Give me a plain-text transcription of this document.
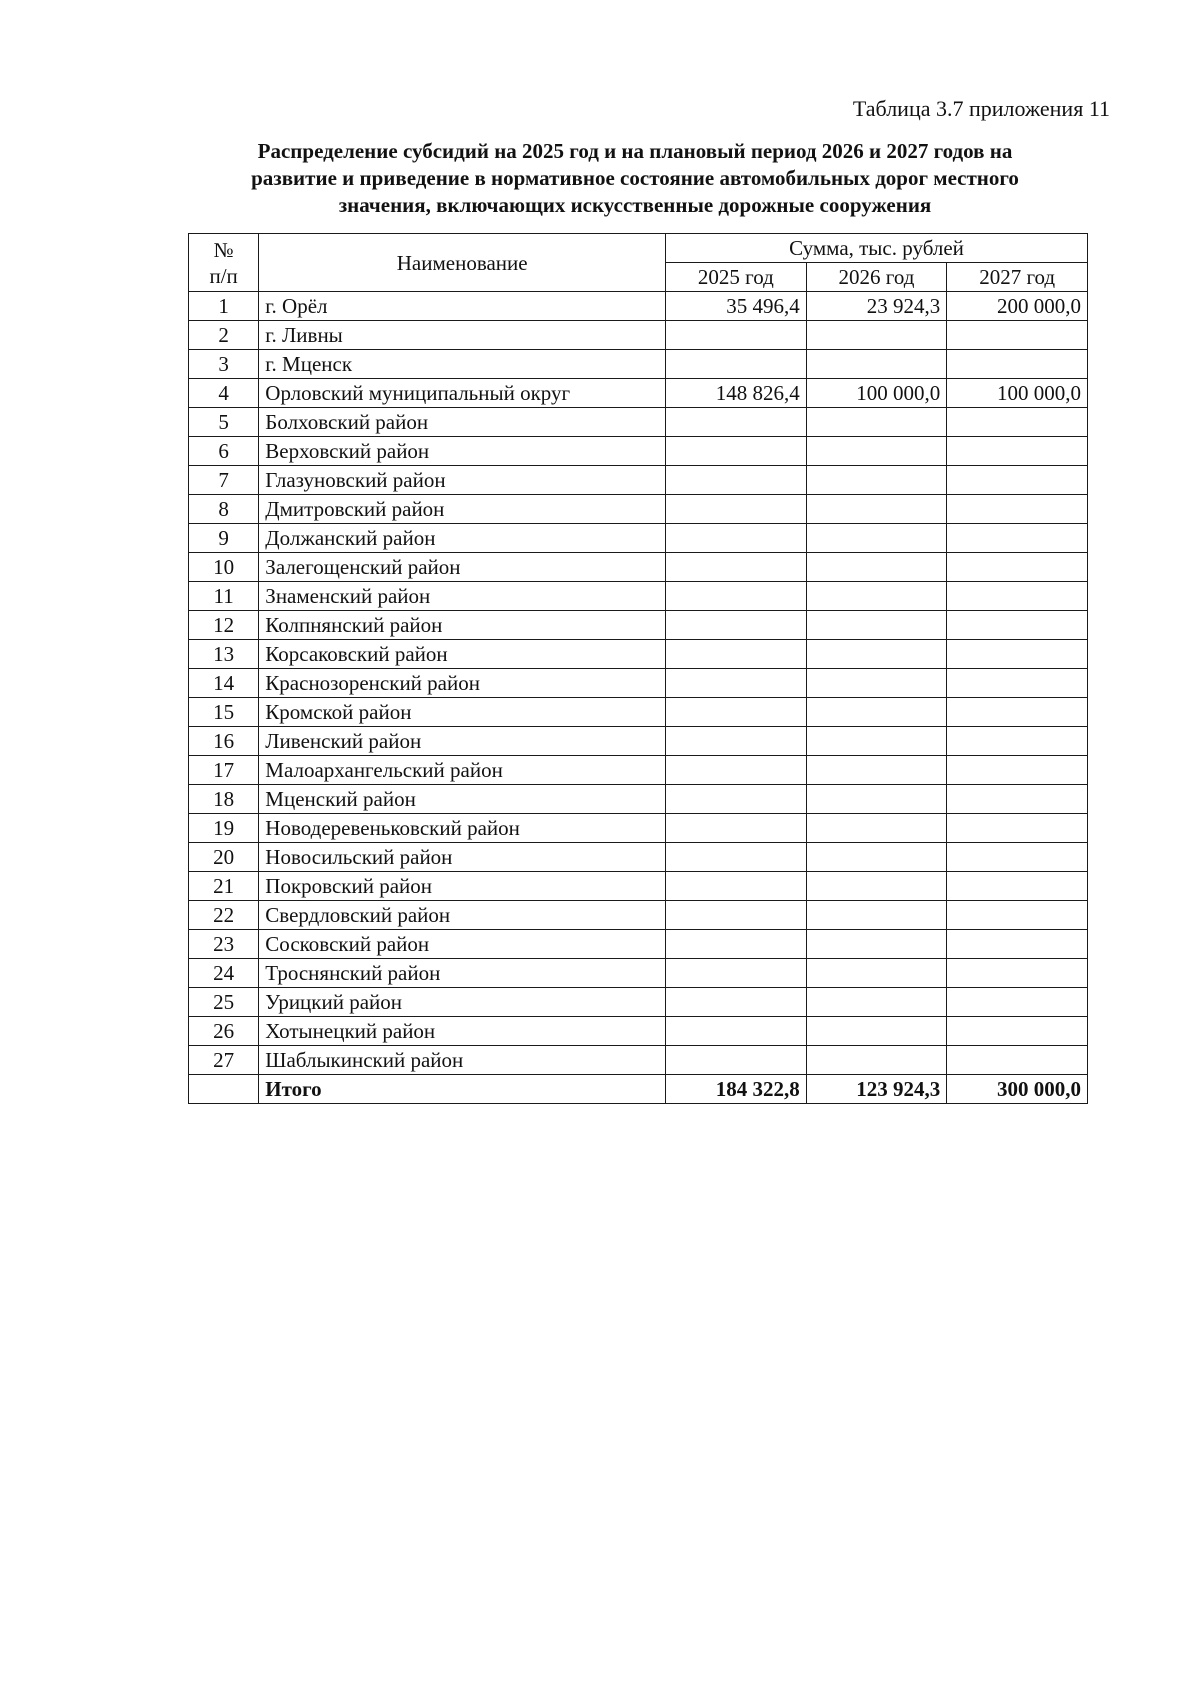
Таблица 3.7 приложения 11
Распределение субсидий на 2025 год и на плановый период 2026 и 2027 годов на
развитие и приведение в нормативное состояние автомобильных дорог местного
значения, включающих искусственные дорожные сооружения
№
п/п	Наименование	Сумма, тыс. рублей		
		2025 год	2026 год	2027 год
1	г. Орёл	35 496,4	23 924,3	200 000,0
2	г. Ливны			
3	г. Мценск			
4	Орловский муниципальный округ	148 826,4	100 000,0	100 000,0
5	Болховский район			
6	Верховский район			
7	Глазуновский район			
8	Дмитровский район			
9	Должанский район			
10	Залегощенский район			
11	Знаменский район			
12	Колпнянский район			
13	Корсаковский район			
14	Краснозоренский район			
15	Кромской район			
16	Ливенский район			
17	Малоархангельский район			
18	Мценский район			
19	Новодеревеньковский район			
20	Новосильский район			
21	Покровский район			
22	Свердловский район			
23	Сосковский район			
24	Троснянский район			
25	Урицкий район			
26	Хотынецкий район			
27	Шаблыкинский район			
	Итого	184 322,8	123 924,3	300 000,0
